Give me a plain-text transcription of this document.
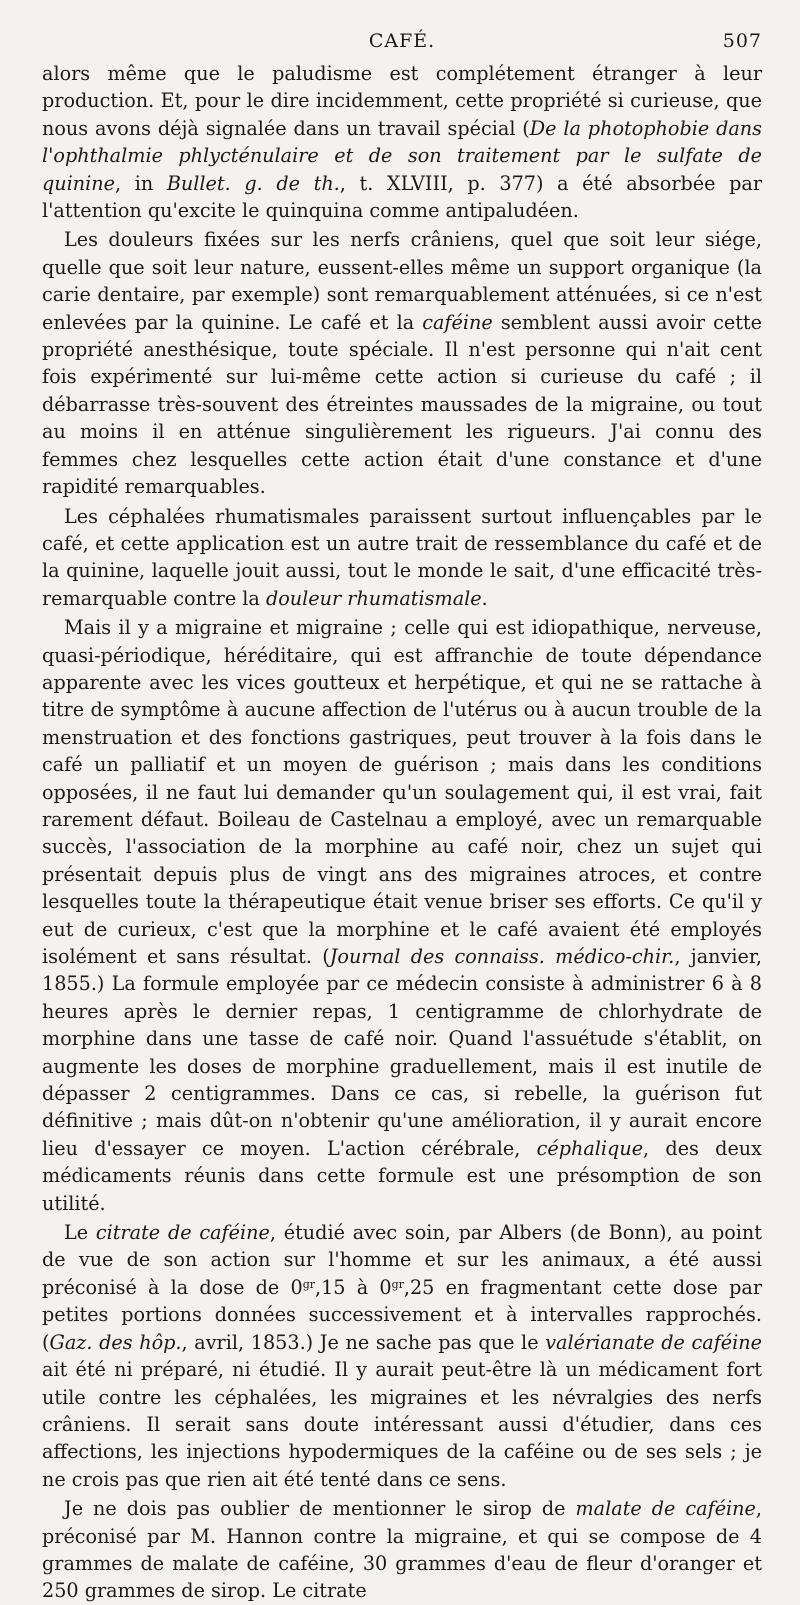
CAFÉ.	507

alors même que le paludisme est complétement étranger à leur production. Et, pour le dire incidemment, cette propriété si curieuse, que nous avons déjà signalée dans un travail spécial (De la photophobie dans l'ophthalmie phlycténulaire et de son traitement par le sulfate de quinine, in Bullet. g. de th., t. XLVIII, p. 377) a été absorbée par l'attention qu'excite le quinquina comme antipaludéen.

Les douleurs fixées sur les nerfs crâniens, quel que soit leur siége, quelle que soit leur nature, eussent-elles même un support organique (la carie dentaire, par exemple) sont remarquablement atténuées, si ce n'est enlevées par la quinine. Le café et la caféine semblent aussi avoir cette propriété anesthésique, toute spéciale. Il n'est personne qui n'ait cent fois expérimenté sur lui-même cette action si curieuse du café ; il débarrasse très-souvent des étreintes maussades de la migraine, ou tout au moins il en atténue singulièrement les rigueurs. J'ai connu des femmes chez lesquelles cette action était d'une constance et d'une rapidité remarquables.

Les céphalées rhumatismales paraissent surtout influençables par le café, et cette application est un autre trait de ressemblance du café et de la quinine, laquelle jouit aussi, tout le monde le sait, d'une efficacité très-remarquable contre la douleur rhumatismale.

Mais il y a migraine et migraine ; celle qui est idiopathique, nerveuse, quasi-périodique, héréditaire, qui est affranchie de toute dépendance apparente avec les vices goutteux et herpétique, et qui ne se rattache à titre de symptôme à aucune affection de l'utérus ou à aucun trouble de la menstruation et des fonctions gastriques, peut trouver à la fois dans le café un palliatif et un moyen de guérison ; mais dans les conditions opposées, il ne faut lui demander qu'un soulagement qui, il est vrai, fait rarement défaut. Boileau de Castelnau a employé, avec un remarquable succès, l'association de la morphine au café noir, chez un sujet qui présentait depuis plus de vingt ans des migraines atroces, et contre lesquelles toute la thérapeutique était venue briser ses efforts. Ce qu'il y eut de curieux, c'est que la morphine et le café avaient été employés isolément et sans résultat. (Journal des connaiss. médico-chir., janvier, 1855.) La formule employée par ce médecin consiste à administrer 6 à 8 heures après le dernier repas, 1 centigramme de chlorhydrate de morphine dans une tasse de café noir. Quand l'assuétude s'établit, on augmente les doses de morphine graduellement, mais il est inutile de dépasser 2 centigrammes. Dans ce cas, si rebelle, la guérison fut définitive ; mais dût-on n'obtenir qu'une amélioration, il y aurait encore lieu d'essayer ce moyen. L'action cérébrale, céphalique, des deux médicaments réunis dans cette formule est une présomption de son utilité.

Le citrate de caféine, étudié avec soin, par Albers (de Bonn), au point de vue de son action sur l'homme et sur les animaux, a été aussi préconisé à la dose de $0^{gr},15$ à $0^{gr},25$ en fragmentant cette dose par petites portions données successivement et à intervalles rapprochés. (Gaz. des hôp., avril, 1853.) Je ne sache pas que le valérianate de caféine ait été ni préparé, ni étudié. Il y aurait peut-être là un médicament fort utile contre les céphalées, les migraines et les névralgies des nerfs crâniens. Il serait sans doute intéressant aussi d'étudier, dans ces affections, les injections hypodermiques de la caféine ou de ses sels ; je ne crois pas que rien ait été tenté dans ce sens.

Je ne dois pas oublier de mentionner le sirop de malate de caféine, préconisé par M. Hannon contre la migraine, et qui se compose de 4 grammes de malate de caféine, 30 grammes d'eau de fleur d'oranger et 250 grammes de sirop. Le citrate
